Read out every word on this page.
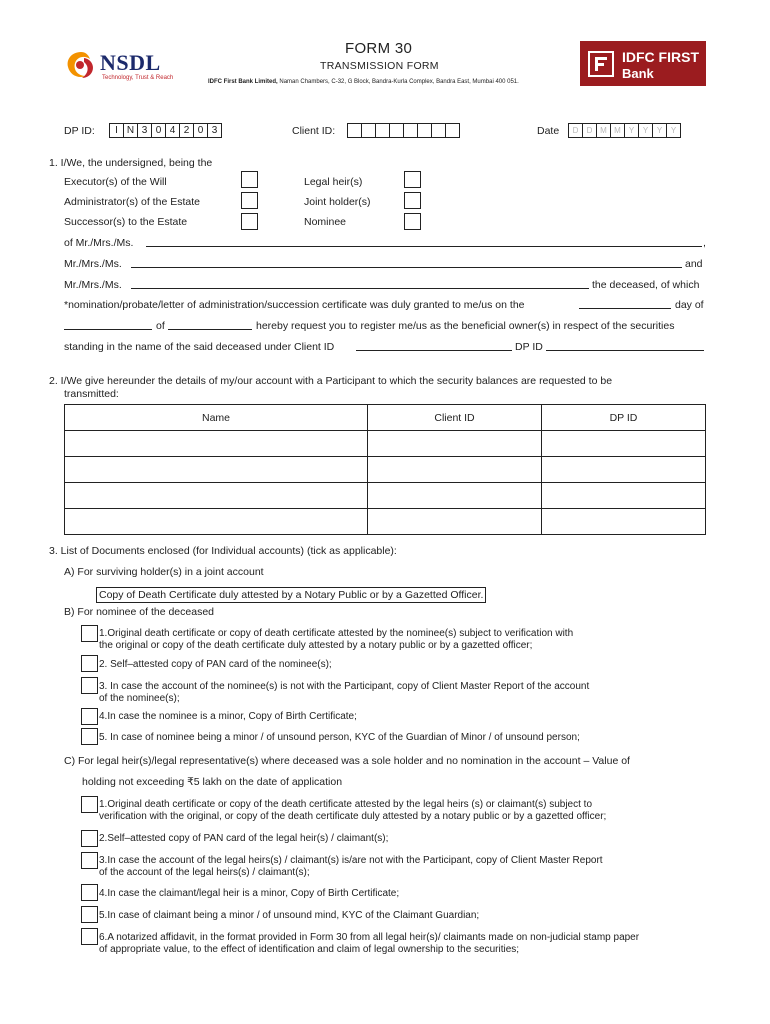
NSDL
Technology, Trust & Reach
FORM 30
TRANSMISSION FORM
IDFC First Bank Limited, Naman Chambers, C-32, G Block, Bandra-Kurla Complex, Bandra East, Mumbai 400 051.
IDFC FIRST
Bank
DP ID:	I N 3 0 4 2 0 3	Client ID:	Date	D	D M M	Y	Y	Y	Y
1. I/We, the undersigned, being the
Executor(s) of the Will	Legal heir(s)
Administrator(s) of the Estate	Joint holder(s)
Successor(s) to the Estate	Nominee
of Mr./Mrs./Ms.	,
Mr./Mrs./Ms.	and
Mr./Mrs./Ms.	the deceased, of which
*nomination/probate/letter of administration/succession certificate was duly granted to me/us on the	day of
of	hereby request you to register me/us as the beneficial owner(s) in respect of the securities
standing in the name of the said deceased under Client ID	DP ID
2. I/We give hereunder the details of my/our account with a Participant to which the security balances are requested to be
transmitted:
Name	Client ID	DP ID

3. List of Documents enclosed (for Individual accounts) (tick as applicable):
A) For surviving holder(s) in a joint account
Copy of Death Certificate duly attested by a Notary Public or by a Gazetted Officer.
B) For nominee of the deceased
1.Original death certificate or copy of death certificate attested by the nominee(s) subject to verification with
the original or copy of the death certificate duly attested by a notary public or by a gazetted officer;
2. Self–attested copy of PAN card of the nominee(s);
3. In case the account of the nominee(s) is not with the Participant, copy of Client Master Report of the account
of the nominee(s);
4.In case the nominee is a minor, Copy of Birth Certificate;
5. In case of nominee being a minor / of unsound person, KYC of the Guardian of Minor / of unsound person;
C) For legal heir(s)/legal representative(s) where deceased was a sole holder and no nomination in the account – Value of
holding not exceeding ₹5 lakh on the date of application
1.Original death certificate or copy of the death certificate attested by the legal heirs (s) or claimant(s) subject to
verification with the original, or copy of the death certificate duly attested by a notary public or by a gazetted officer;
2.Self–attested copy of PAN card of the legal heir(s) / claimant(s);
3.In case the account of the legal heirs(s) / claimant(s) is/are not with the Participant, copy of Client Master Report
of the account of the legal heirs(s) / claimant(s);
4.In case the claimant/legal heir is a minor, Copy of Birth Certificate;
5.In case of claimant being a minor / of unsound mind, KYC of the Claimant Guardian;
6.A notarized affidavit, in the format provided in Form 30 from all legal heir(s)/ claimants made on non-judicial stamp paper
of appropriate value, to the effect of identification and claim of legal ownership to the securities;
